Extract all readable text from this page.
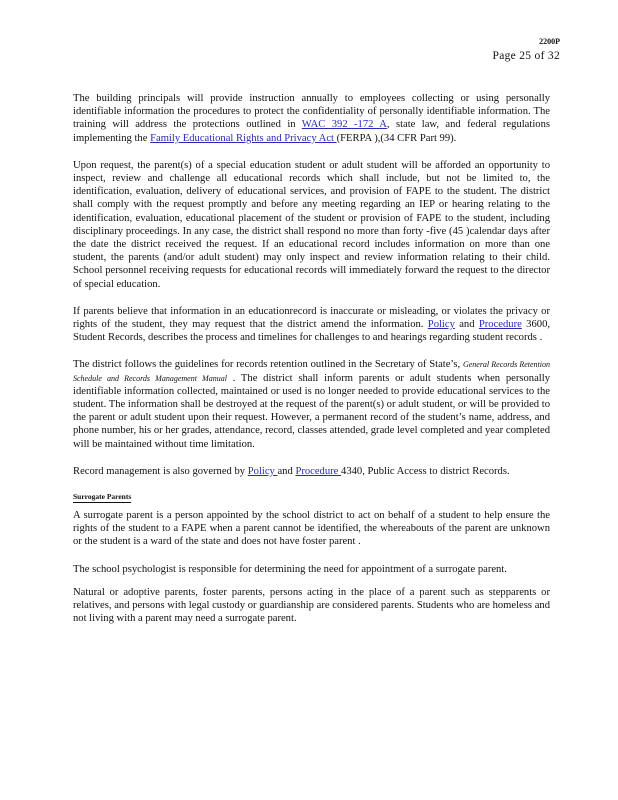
2200P
Page 25 of 32

The building principals will provide instruction annually to employees collecting or using personally identifiable information the procedures to protect the confidentiality of personally identifiable information. The training will address the protections outlined in WAC 392 -172 A, state law, and federal regulations implementing the Family Educational Rights and Privacy Act (FERPA ),(34 CFR Part 99).

Upon request, the parent(s) of a special education student or adult student will be afforded an opportunity to inspect, review and challenge all educational records which shall include, but not be limited to, the identification, evaluation, delivery of educational services, and provision of FAPE to the student. The district shall comply with the request promptly and before any meeting regarding an IEP or hearing relating to the identification, evaluation, educational placement of the student or provision of FAPE to the student, including disciplinary proceedings. In any case, the district shall respond no more than forty -five (45 )calendar days after the date the district received the request. If an educational record includes information on more than one student, the parents (and/or adult student) may only inspect and review information relating to their child. School personnel receiving requests for educational records will immediately forward the request to the director of special education.

If parents believe that information in an educationrecord is inaccurate or misleading, or violates the privacy or rights of the student, they may request that the district amend the information. Policy and Procedure 3600, Student Records, describes the process and timelines for challenges to and hearings regarding student records .

The district follows the guidelines for records retention outlined in the Secretary of State’s, General Records Retention Schedule and Records Management Manual . The district shall inform parents or adult students when personally identifiable information collected, maintained or used is no longer needed to provide educational services to the student. The information shall be destroyed at the request of the parent(s) or adult student, or will be provided to the parent or adult student upon their request. However, a permanent record of the student’s name, address, and phone number, his or her grades, attendance, record, classes attended, grade level completed and year completed will be maintained without time limitation.

Record management is also governed by Policy and Procedure 4340, Public Access to district Records.

Surrogate Parents

A surrogate parent is a person appointed by the school district to act on behalf of a student to help ensure the rights of the student to a FAPE when a parent cannot be identified, the whereabouts of the parent are unknown or the student is a ward of the state and does not have foster parent .

The school psychologist is responsible for determining the need for appointment of a surrogate parent.

Natural or adoptive parents, foster parents, persons acting in the place of a parent such as stepparents or relatives, and persons with legal custody or guardianship are considered parents. Students who are homeless and not living with a parent may need a surrogate parent.
